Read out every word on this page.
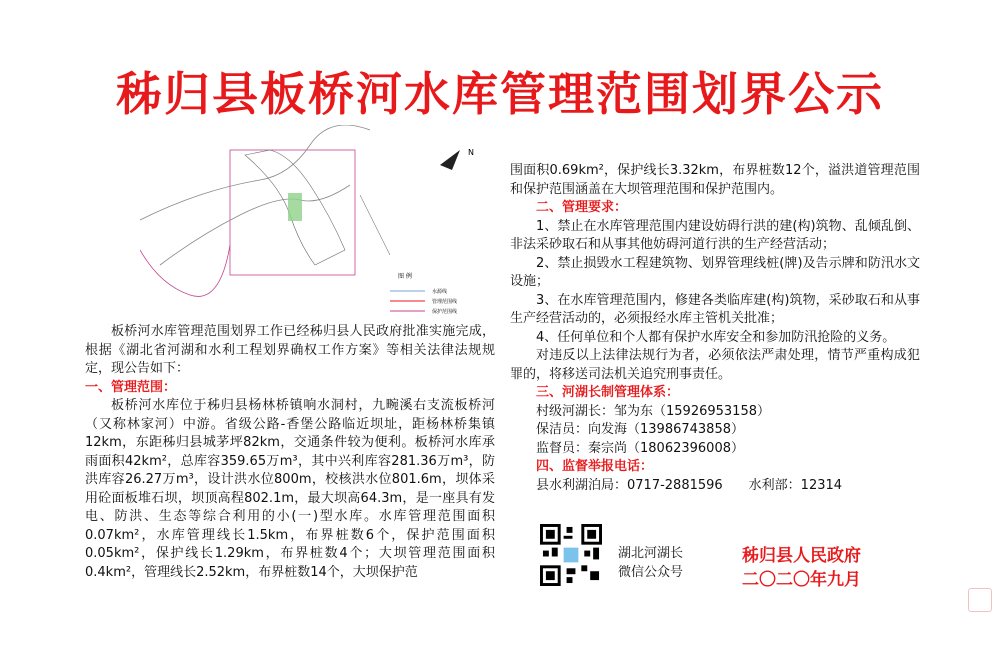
秭归县板桥河水库管理范围划界公示
N
图 例
水源线
管理范围线
保护范围线

板桥河水库管理范围划界工作已经秭归县人民政府批准实施完成，根据《湖北省河湖和水利工程划界确权工作方案》等相关法律法规规定，现公告如下：

一、管理范围：

板桥河水库位于秭归县杨林桥镇响水洞村，九畹溪右支流板桥河（又称林家河）中游。省级公路-香堡公路临近坝址，距杨林桥集镇12km，东距秭归县城茅坪82km，交通条件较为便利。板桥河水库承雨面积42km²，总库容359.65万m³，其中兴利库容281.36万m³，防洪库容26.27万m³，设计洪水位800m，校核洪水位801.6m，坝体采用砼面板堆石坝，坝顶高程802.1m，最大坝高64.3m，是一座具有发电、防洪、生态等综合利用的小(一)型水库。水库管理范围面积0.07km²，水库管理线长1.5km，布界桩数6个，保护范围面积0.05km²，保护线长1.29km，布界桩数4个；大坝管理范围面积0.4km²，管理线长2.52km，布界桩数14个，大坝保护范

围面积0.69km²，保护线长3.32km，布界桩数12个，溢洪道管理范围和保护范围涵盖在大坝管理范围和保护范围内。

二、管理要求：

1、禁止在水库管理范围内建设妨碍行洪的建(构)筑物、乱倾乱倒、非法采砂取石和从事其他妨碍河道行洪的生产经营活动；

2、禁止损毁水工程建筑物、划界管理线桩(牌)及告示牌和防汛水文设施；

3、在水库管理范围内，修建各类临库建(构)筑物，采砂取石和从事生产经营活动的，必须报经水库主管机关批准；

4、任何单位和个人都有保护水库安全和参加防汛抢险的义务。

对违反以上法律法规行为者，必须依法严肃处理，情节严重构成犯罪的，将移送司法机关追究刑事责任。

三、河湖长制管理体系：

村级河湖长：邹为东（15926953158）

保洁员：向发海（13986743858）

监督员：秦宗尚（18062396008）

四、监督举报电话：

县水利湖泊局：0717-2881596　　水利部：12314

湖北河湖长
微信公众号
秭归县人民政府
二〇二〇年九月
